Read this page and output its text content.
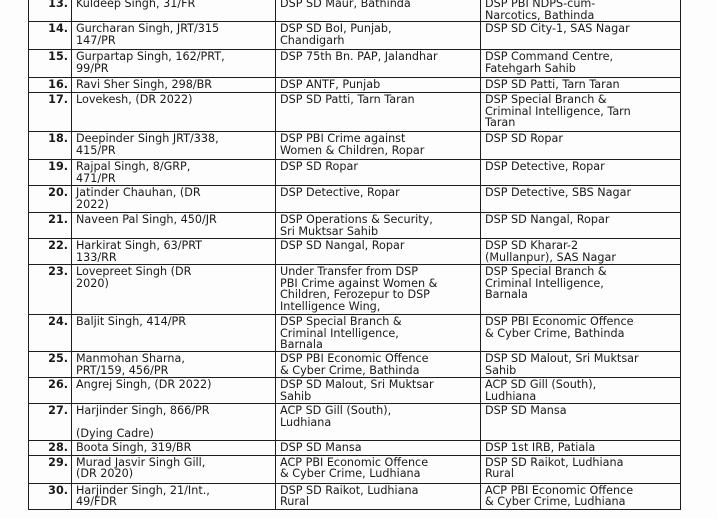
13.	Kuldeep Singh, 31/FR	DSP SD Maur, Bathinda	DSP PBI NDPS-cum-
Narcotics, Bathinda
14.	Gurcharan Singh, JRT/315
147/PR	DSP SD BoI, Punjab,
Chandigarh	DSP SD City-1, SAS Nagar
15.	Gurpartap Singh, 162/PRT,
99/PR	DSP 75th Bn. PAP, Jalandhar	DSP Command Centre,
Fatehgarh Sahib
16.	Ravi Sher Singh, 298/BR	DSP ANTF, Punjab	DSP SD Patti, Tarn Taran
17.	Lovekesh, (DR 2022)	DSP SD Patti, Tarn Taran	DSP Special Branch &
Criminal Intelligence, Tarn
Taran
18.	Deepinder Singh JRT/338,
415/PR	DSP PBI Crime against
Women & Children, Ropar	DSP SD Ropar
19.	Rajpal Singh, 8/GRP,
471/PR	DSP SD Ropar	DSP Detective, Ropar
20.	Jatinder Chauhan, (DR
2022)	DSP Detective, Ropar	DSP Detective, SBS Nagar
21.	Naveen Pal Singh, 450/JR	DSP Operations & Security,
Sri Muktsar Sahib	DSP SD Nangal, Ropar
22.	Harkirat Singh, 63/PRT
133/RR	DSP SD Nangal, Ropar	DSP SD Kharar-2
(Mullanpur), SAS Nagar
23.	Lovepreet Singh (DR
2020)	Under Transfer from DSP
PBI Crime against Women &
Children, Ferozepur to DSP
Intelligence Wing,	DSP Special Branch &
Criminal Intelligence,
Barnala
24.	Baljit Singh, 414/PR	DSP Special Branch &
Criminal Intelligence,
Barnala	DSP PBI Economic Offence
& Cyber Crime, Bathinda
25.	Manmohan Sharna,
PRT/159, 456/PR	DSP PBI Economic Offence
& Cyber Crime, Bathinda	DSP SD Malout, Sri Muktsar
Sahib
26.	Angrej Singh, (DR 2022)	DSP SD Malout, Sri Muktsar
Sahib	ACP SD Gill (South),
Ludhiana
27.	Harjinder Singh, 866/PR

(Dying Cadre)	ACP SD Gill (South),
Ludhiana	DSP SD Mansa
28.	Boota Singh, 319/BR	DSP SD Mansa	DSP 1st IRB, Patiala
29.	Murad Jasvir Singh Gill,
(DR 2020)	ACP PBI Economic Offence
& Cyber Crime, Ludhiana	DSP SD Raikot, Ludhiana
Rural
30.	Harjinder Singh, 21/Int.,
49/FDR	DSP SD Raikot, Ludhiana
Rural	ACP PBI Economic Offence
& Cyber Crime, Ludhiana
